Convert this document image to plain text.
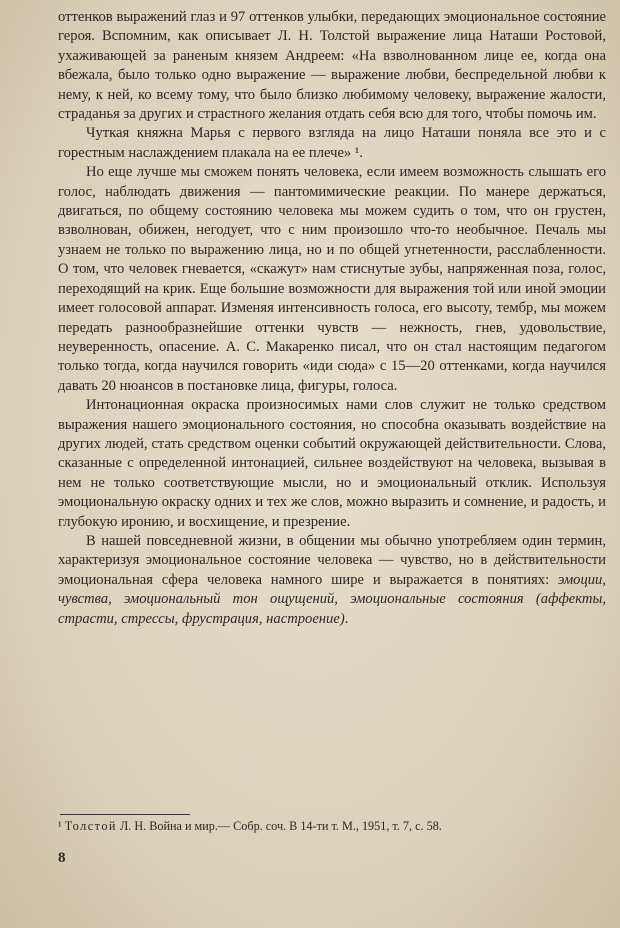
оттенков выражений глаз и 97 оттенков улыбки, передающих эмоциональное состояние героя. Вспомним, как описывает Л. Н. Толстой выражение лица Наташи Ростовой, ухаживающей за раненым князем Андреем: «На взволнованном лице ее, когда она вбежала, было только одно выражение — выражение любви, беспредельной любви к нему, к ней, ко всему тому, что было близко любимому человеку, выражение жалости, страданья за других и страстного желания отдать себя всю для того, чтобы помочь им.

Чуткая княжна Марья с первого взгляда на лицо Наташи поняла все это и с горестным наслаждением плакала на ее плече» ¹.

Но еще лучше мы сможем понять человека, если имеем возможность слышать его голос, наблюдать движения — пантомимические реакции. По манере держаться, двигаться, по общему состоянию человека мы можем судить о том, что он грустен, взволнован, обижен, негодует, что с ним произошло что-то необычное. Печаль мы узнаем не только по выражению лица, но и по общей угнетенности, расслабленности. О том, что человек гневается, «скажут» нам стиснутые зубы, напряженная поза, голос, переходящий на крик. Еще большие возможности для выражения той или иной эмоции имеет голосовой аппарат. Изменяя интенсивность голоса, его высоту, тембр, мы можем передать разнообразнейшие оттенки чувств — нежность, гнев, удовольствие, неуверенность, опасение. А. С. Макаренко писал, что он стал настоящим педагогом только тогда, когда научился говорить «иди сюда» с 15—20 оттенками, когда научился давать 20 нюансов в постановке лица, фигуры, голоса.

Интонационная окраска произносимых нами слов служит не только средством выражения нашего эмоционального состояния, но способна оказывать воздействие на других людей, стать средством оценки событий окружающей действительности. Слова, сказанные с определенной интонацией, сильнее воздействуют на человека, вызывая в нем не только соответствующие мысли, но и эмоциональный отклик. Используя эмоциональную окраску одних и тех же слов, можно выразить и сомнение, и радость, и глубокую иронию, и восхищение, и презрение.

В нашей повседневной жизни, в общении мы обычно употребляем один термин, характеризуя эмоциональное состояние человека — чувство, но в действительности эмоциональная сфера человека намного шире и выражается в понятиях: эмоции, чувства, эмоциональный тон ощущений, эмоциональные состояния (аффекты, страсти, стрессы, фрустрация, настроение).

¹ Толстой Л. Н. Война и мир.— Собр. соч. В 14-ти т. М., 1951, т. 7, с. 58.
8
